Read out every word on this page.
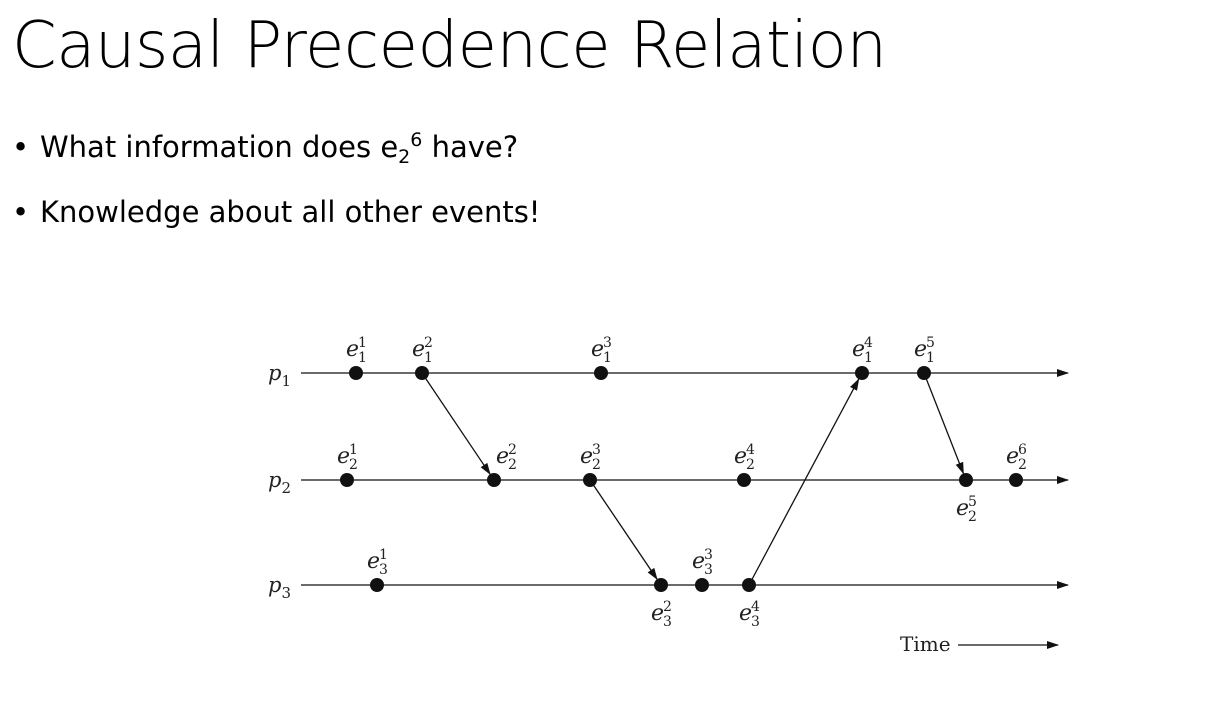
Causal Precedence Relation
• What information does $e_2^6$ have?
• Knowledge about all other events!
e
1
1 e
2
1	e
3
1	e
4
1 e
5
1
e
1
2	e
2
2	e
3
2	e
4
2
e
5
2
e
6
2
e
1
3
e
2
3
e
3
3
e
4
3
$p_1$
$p_2$
$p_3$
Time
